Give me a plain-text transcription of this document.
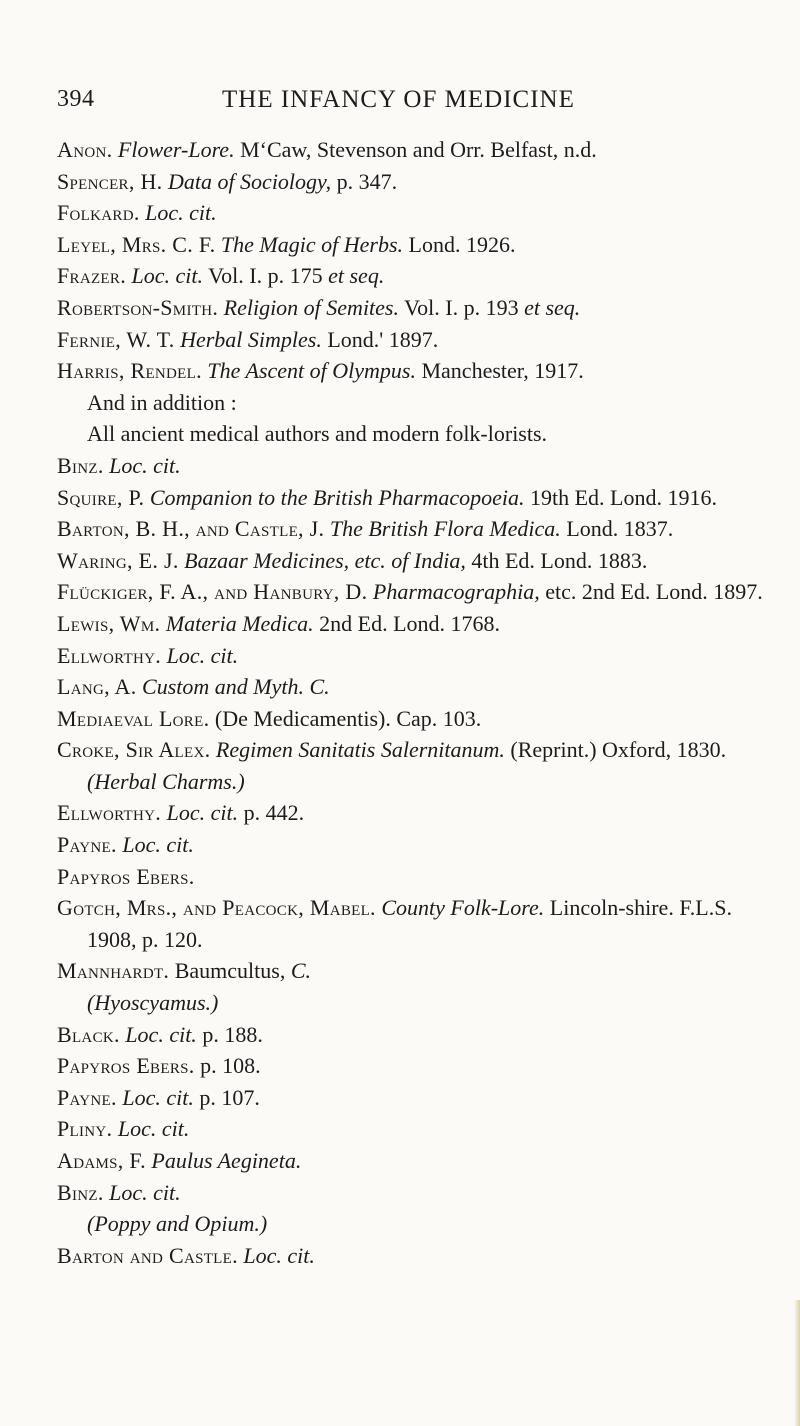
394	THE INFANCY OF MEDICINE
Anon. Flower-Lore. M‘Caw, Stevenson and Orr. Belfast, n.d.
Spencer, H. Data of Sociology, p. 347.
Folkard. Loc. cit.
Leyel, Mrs. C. F. The Magic of Herbs. Lond. 1926.
Frazer. Loc. cit. Vol. I. p. 175 et seq.
Robertson-Smith. Religion of Semites. Vol. I. p. 193 et seq.
Fernie, W. T. Herbal Simples. Lond.' 1897.
Harris, Rendel. The Ascent of Olympus. Manchester, 1917.
And in addition :
All ancient medical authors and modern folk-lorists.
Binz. Loc. cit.
Squire, P. Companion to the British Pharmacopoeia. 19th Ed. Lond. 1916.
Barton, B. H., and Castle, J. The British Flora Medica. Lond. 1837.
Waring, E. J. Bazaar Medicines, etc. of India, 4th Ed. Lond. 1883.
Flückiger, F. A., and Hanbury, D. Pharmacographia, etc. 2nd Ed. Lond. 1897.
Lewis, Wm. Materia Medica. 2nd Ed. Lond. 1768.
Ellworthy. Loc. cit.
Lang, A. Custom and Myth. C.
Mediaeval Lore. (De Medicamentis). Cap. 103.
Croke, Sir Alex. Regimen Sanitatis Salernitanum. (Reprint.) Oxford, 1830.
(Herbal Charms.)
Ellworthy. Loc. cit. p. 442.
Payne. Loc. cit.
Papyros Ebers.
Gotch, Mrs., and Peacock, Mabel. County Folk-Lore. Lincoln-shire. F.L.S. 1908, p. 120.
Mannhardt. Baumcultus, C.
(Hyoscyamus.)
Black. Loc. cit. p. 188.
Papyros Ebers. p. 108.
Payne. Loc. cit. p. 107.
Pliny. Loc. cit.
Adams, F. Paulus Aegineta.
Binz. Loc. cit.
(Poppy and Opium.)
Barton and Castle. Loc. cit.
